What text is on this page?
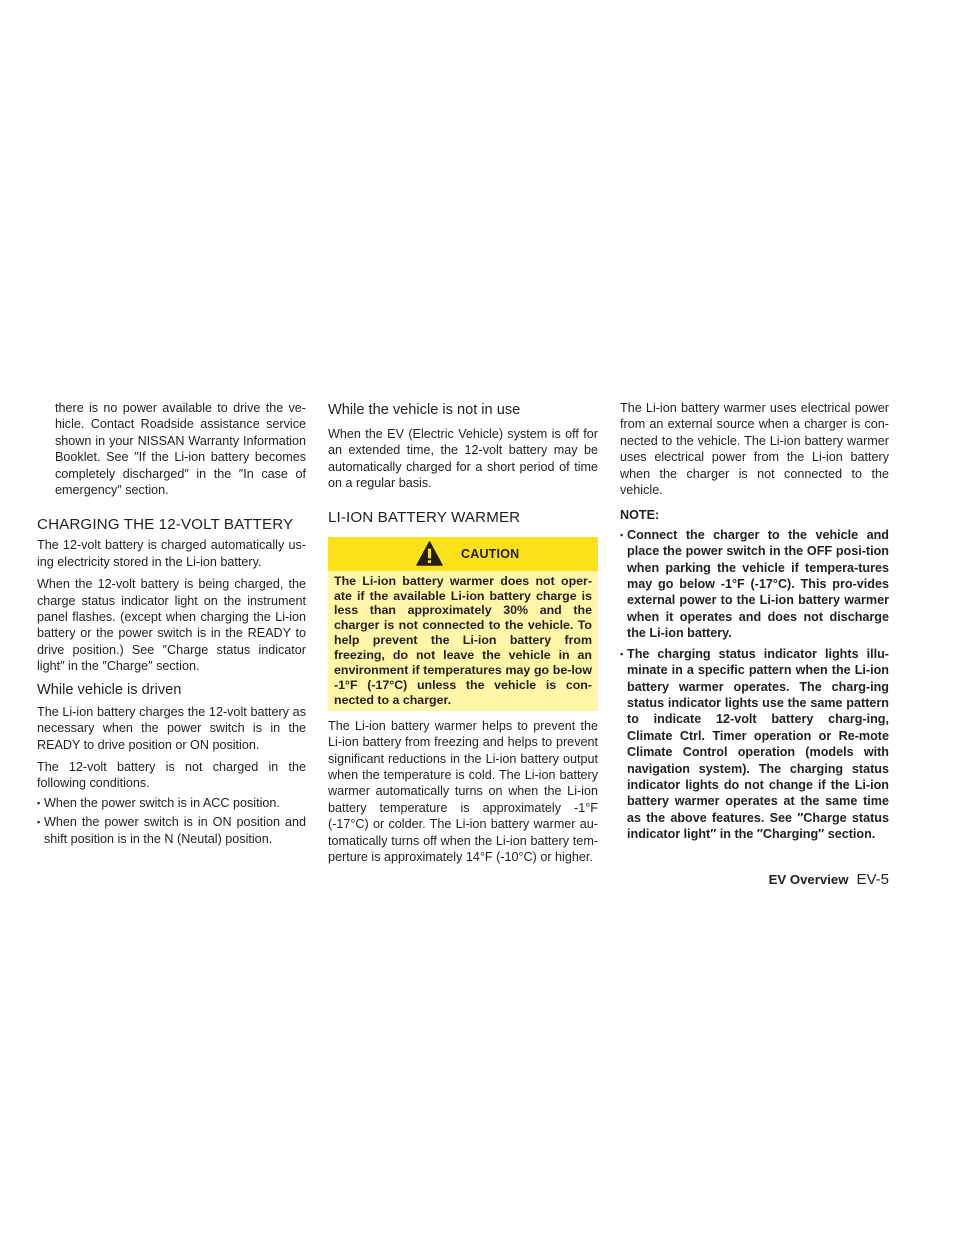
there is no power available to drive the ve-hicle. Contact Roadside assistance service shown in your NISSAN Warranty Information Booklet. See ″If the Li-ion battery becomes completely discharged″ in the ″In case of emergency″ section.

CHARGING THE 12-VOLT BATTERY

The 12-volt battery is charged automatically us-ing electricity stored in the Li-ion battery.

When the 12-volt battery is being charged, the charge status indicator light on the instrument panel flashes. (except when charging the Li-ion battery or the power switch is in the READY to drive position.) See ″Charge status indicator light″ in the ″Charge″ section.

While vehicle is driven

The Li-ion battery charges the 12-volt battery as necessary when the power switch is in the READY to drive position or ON position.

The 12-volt battery is not charged in the following conditions.

▪ When the power switch is in ACC position.
▪ When the power switch is in ON position and shift position is in the N (Neutal) position.
While the vehicle is not in use

When the EV (Electric Vehicle) system is off for an extended time, the 12-volt battery may be automatically charged for a short period of time on a regular basis.

LI-ION BATTERY WARMER
CAUTION

The Li-ion battery warmer does not oper-ate if the available Li-ion battery charge is less than approximately 30% and the charger is not connected to the vehicle. To help prevent the Li-ion battery from freezing, do not leave the vehicle in an environment if temperatures may go be-low -1°F (-17°C) unless the vehicle is con-nected to a charger.

The Li-ion battery warmer helps to prevent the Li-ion battery from freezing and helps to prevent significant reductions in the Li-ion battery output when the temperature is cold. The Li-ion battery warmer automatically turns on when the Li-ion battery temperature is approximately -1°F (-17°C) or colder. The Li-ion battery warmer au-tomatically turns off when the Li-ion battery tem-perture is approximately 14°F (-10°C) or higher.

The Li-ion battery warmer uses electrical power from an external source when a charger is con-nected to the vehicle. The Li-ion battery warmer uses electrical power from the Li-ion battery when the charger is not connected to the vehicle.

NOTE:
▪ Connect the charger to the vehicle and place the power switch in the OFF posi-tion when parking the vehicle if tempera-tures may go below -1°F (-17°C). This pro-vides external power to the Li-ion battery warmer when it operates and does not discharge the Li-ion battery.
▪ The charging status indicator lights illu-minate in a specific pattern when the Li-ion battery warmer operates. The charg-ing status indicator lights use the same pattern to indicate 12-volt battery charg-ing, Climate Ctrl. Timer operation or Re-mote Climate Control operation (models with navigation system). The charging status indicator lights do not change if the Li-ion battery warmer operates at the same time as the above features. See ″Charge status indicator light″ in the ″Charging″ section.
EV Overview EV-5
